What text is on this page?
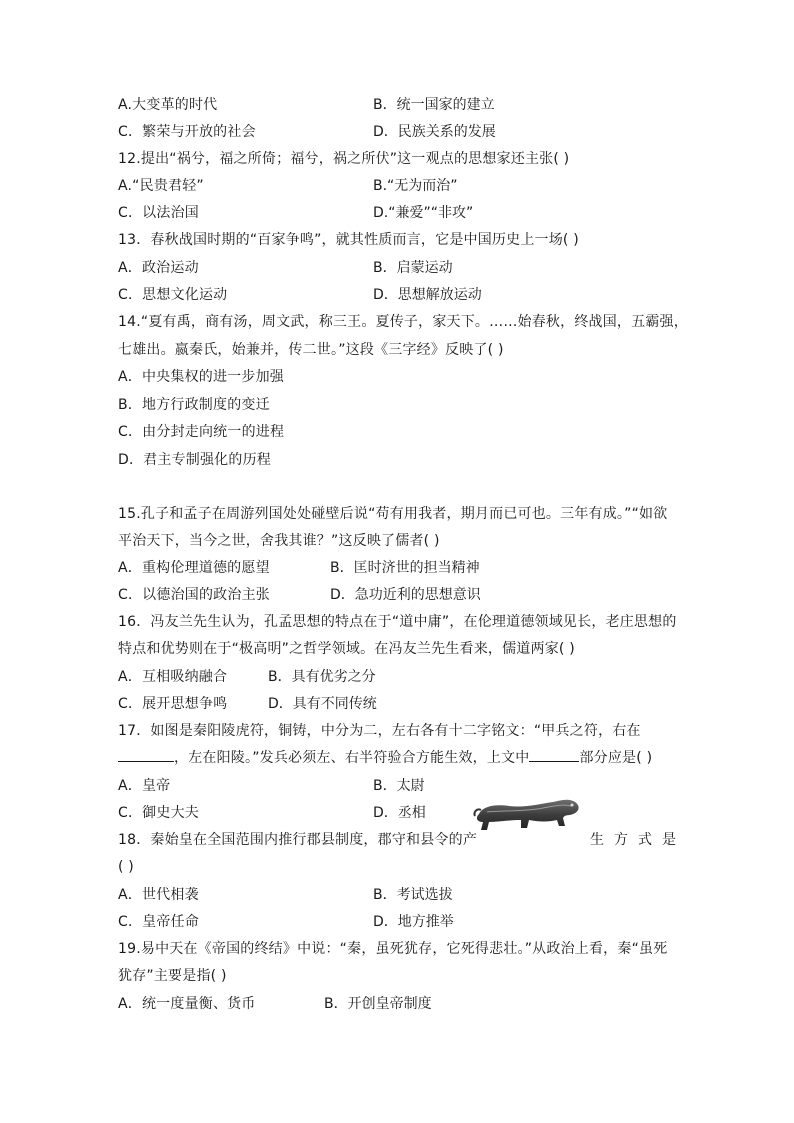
A.大变革的时代	B．统一国家的建立
C．繁荣与开放的社会	D．民族关系的发展
12.提出“祸兮，福之所倚；福兮，祸之所伏”这一观点的思想家还主张( )
A.“民贵君轻”	B.“无为而治”
C．以法治国	D.“兼爱”“非攻”
13．春秋战国时期的“百家争鸣”，就其性质而言，它是中国历史上一场( )
A．政治运动	B．启蒙运动
C．思想文化运动	D．思想解放运动
14.“夏有禹，商有汤，周文武，称三王。夏传子，家天下。……始春秋，终战国，五霸强，
七雄出。嬴秦氏，始兼并，传二世。”这段《三字经》反映了( )
A．中央集权的进一步加强
B．地方行政制度的变迁
C．由分封走向统一的进程
D．君主专制强化的历程
15.孔子和孟子在周游列国处处碰壁后说“苟有用我者，期月而已可也。三年有成。”“如欲
平治天下，当今之世，舍我其谁？”这反映了儒者( )
A．重构伦理道德的愿望	B．匡时济世的担当精神
C．以德治国的政治主张	D．急功近利的思想意识
16．冯友兰先生认为，孔孟思想的特点在于“道中庸”，在伦理道德领域见长，老庄思想的
特点和优势则在于“极高明”之哲学领域。在冯友兰先生看来，儒道两家( )
A．互相吸纳融合	B．具有优劣之分
C．展开思想争鸣	D．具有不同传统
17．如图是秦阳陵虎符，铜铸，中分为二，左右各有十二字铭文：“甲兵之符，右在
，左在阳陵。”发兵必须左、右半符验合方能生效，上文中	部分应是( )
A．皇帝	B．太尉
C．御史大夫	D．丞相
18．秦始皇在全国范围内推行郡县制度，郡守和县令的产	生方式是
( )
A．世代相袭	B．考试选拔
C．皇帝任命	D．地方推举
19.易中天在《帝国的终结》中说：“秦，虽死犹存，它死得悲壮。”从政治上看，秦“虽死
犹存”主要是指( )
A．统一度量衡、货币	B．开创皇帝制度
